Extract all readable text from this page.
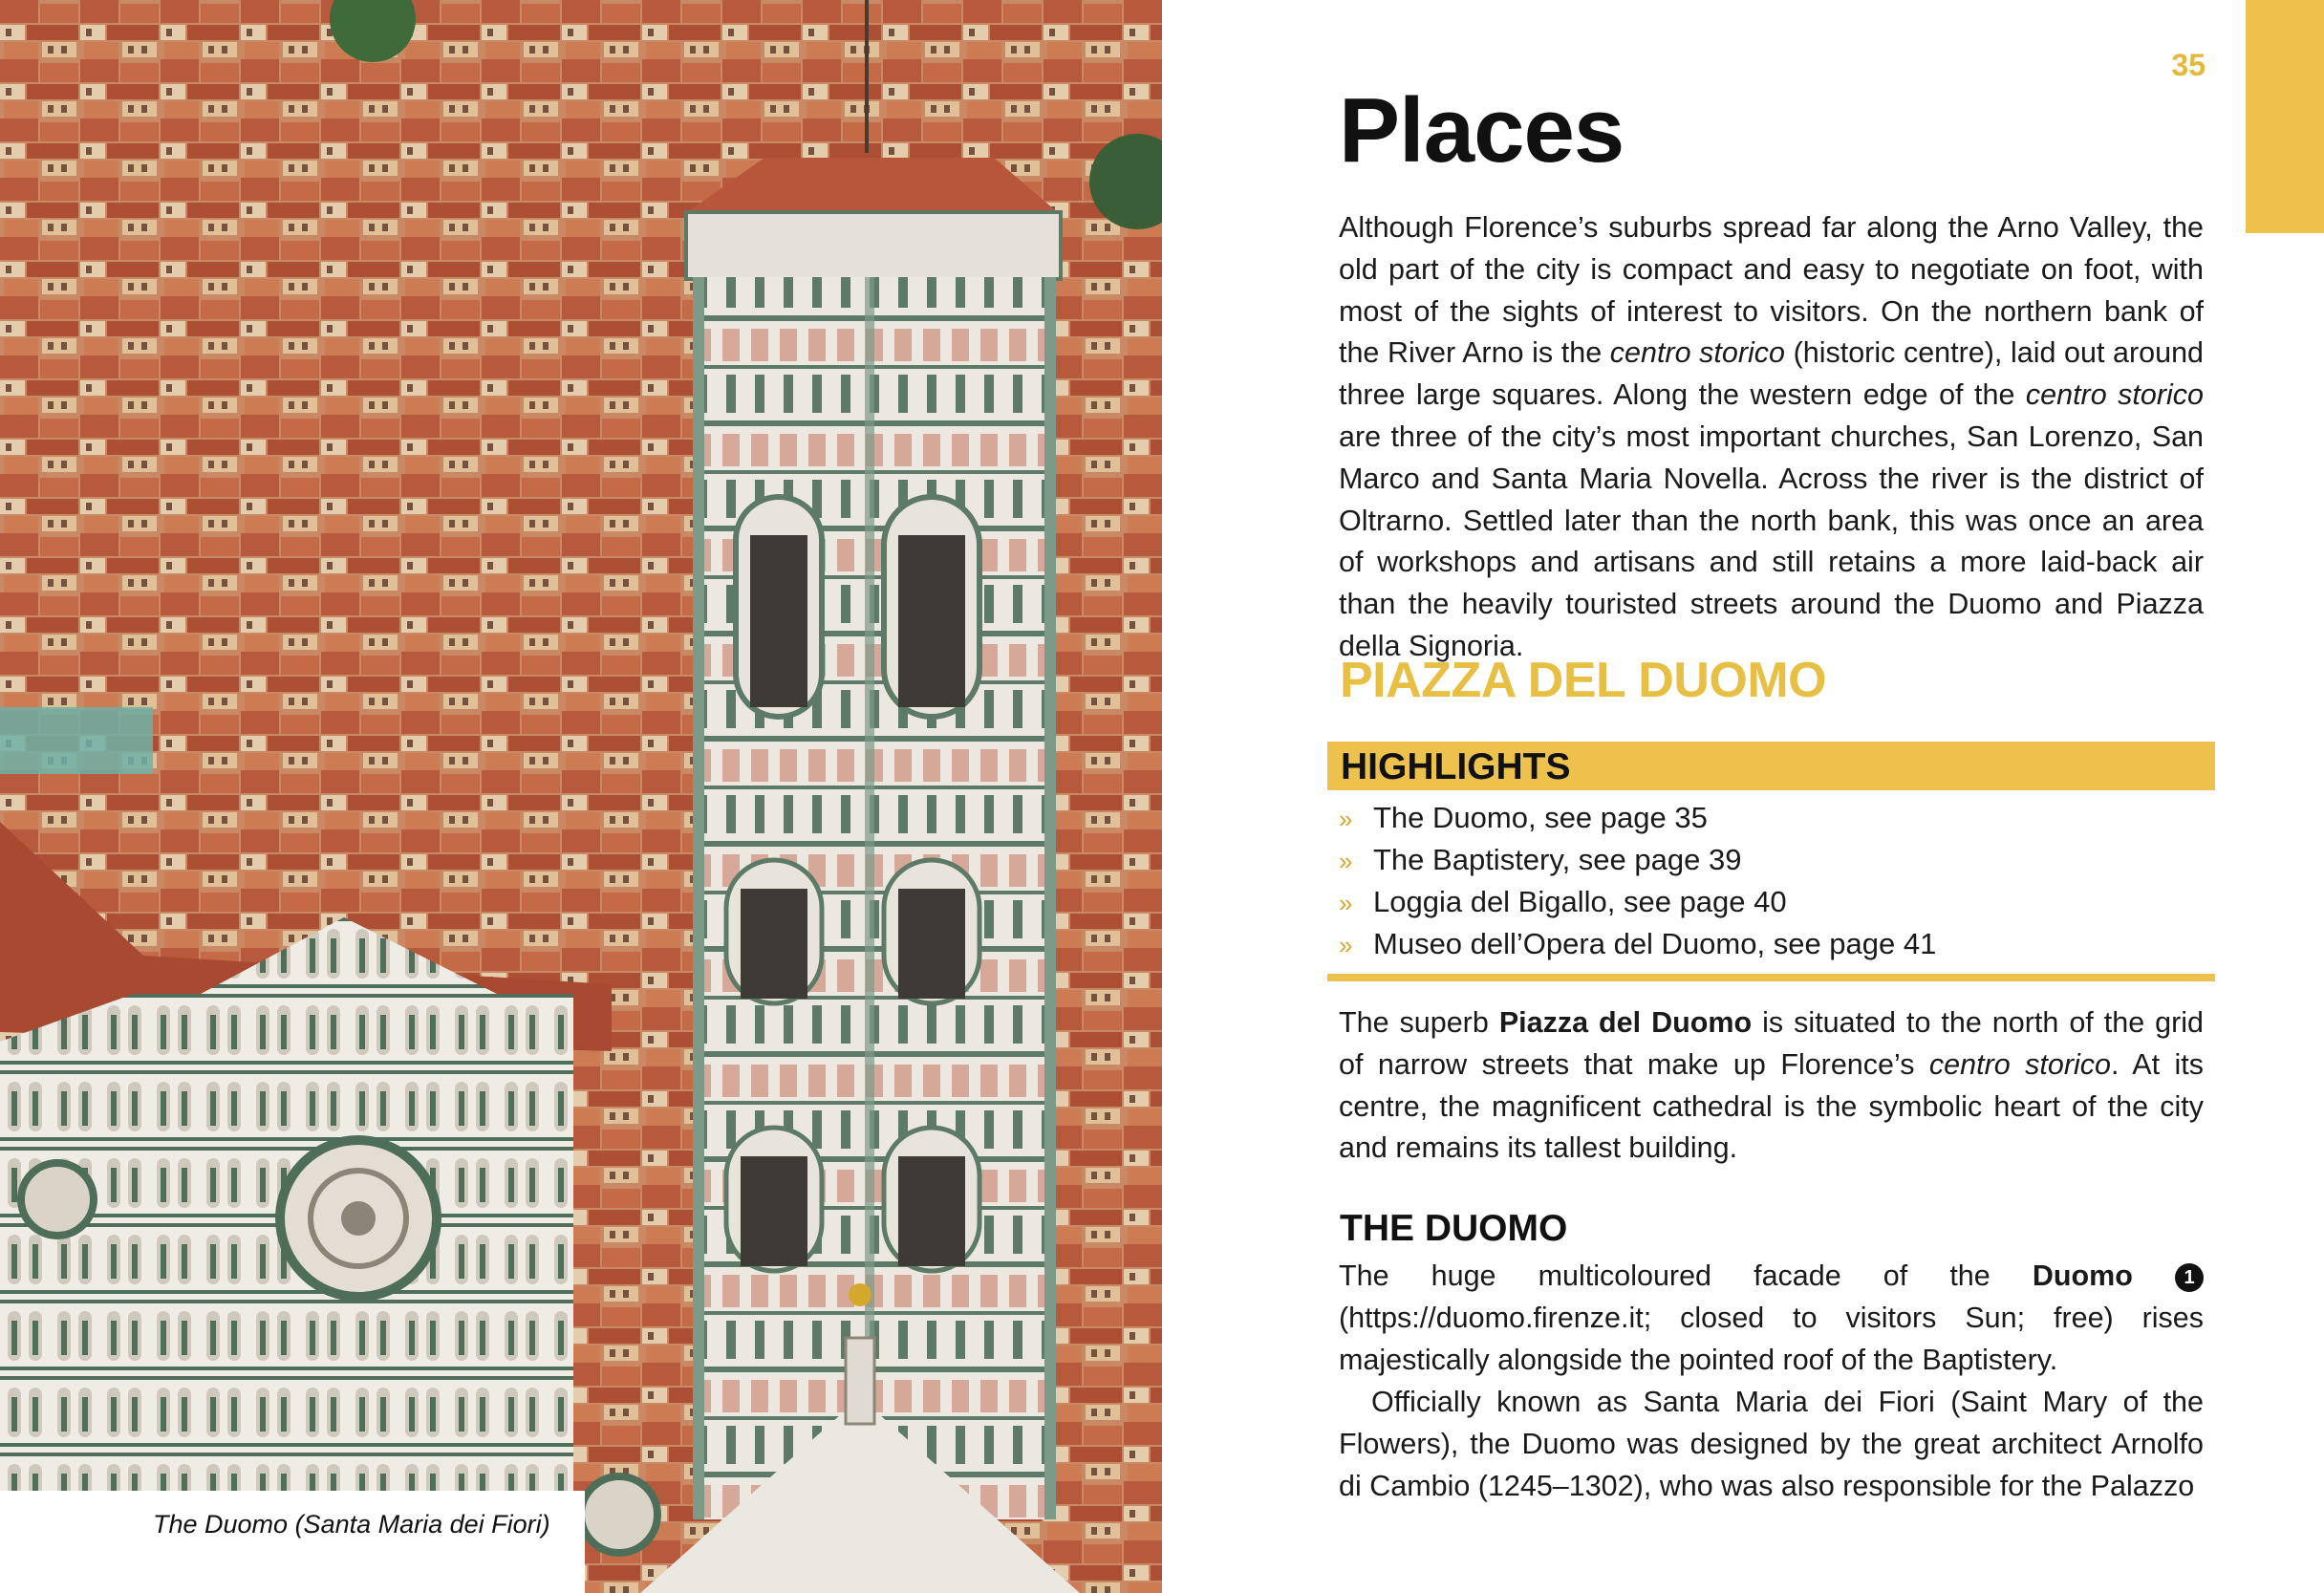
The Duomo (Santa Maria dei Fiori)
35
Places
Although Florence’s suburbs spread far along the Arno Valley, the old part of the city is compact and easy to negotiate on foot, with most of the sights of interest to visitors. On the northern bank of the River Arno is the centro storico (historic centre), laid out around three large squares. Along the western edge of the centro storico are three of the city’s most important churches, San Lorenzo, San Marco and Santa Maria Novella. Across the river is the district of Oltrarno. Settled later than the north bank, this was once an area of workshops and artisans and still retains a more laid-back air than the heavily touristed streets around the Duomo and Piazza della Signoria.
PIAZZA DEL DUOMO
HIGHLIGHTS
» The Duomo, see page 35
» The Baptistery, see page 39
» Loggia del Bigallo, see page 40
» Museo dell’Opera del Duomo, see page 41
The superb Piazza del Duomo is situated to the north of the grid of narrow streets that make up Florence’s centro storico. At its centre, the magnificent cathedral is the symbolic heart of the city and remains its tallest building.
THE DUOMO
The huge multicoloured facade of the Duomo	1 (https://duomo.firenze.it; closed to visitors Sun; free) rises majestically alongside the pointed roof of the Baptistery.
Officially known as Santa Maria dei Fiori (Saint Mary of the Flowers), the Duomo was designed by the great architect Arnolfo di Cambio (1245–1302), who was also responsible for the Palazzo
